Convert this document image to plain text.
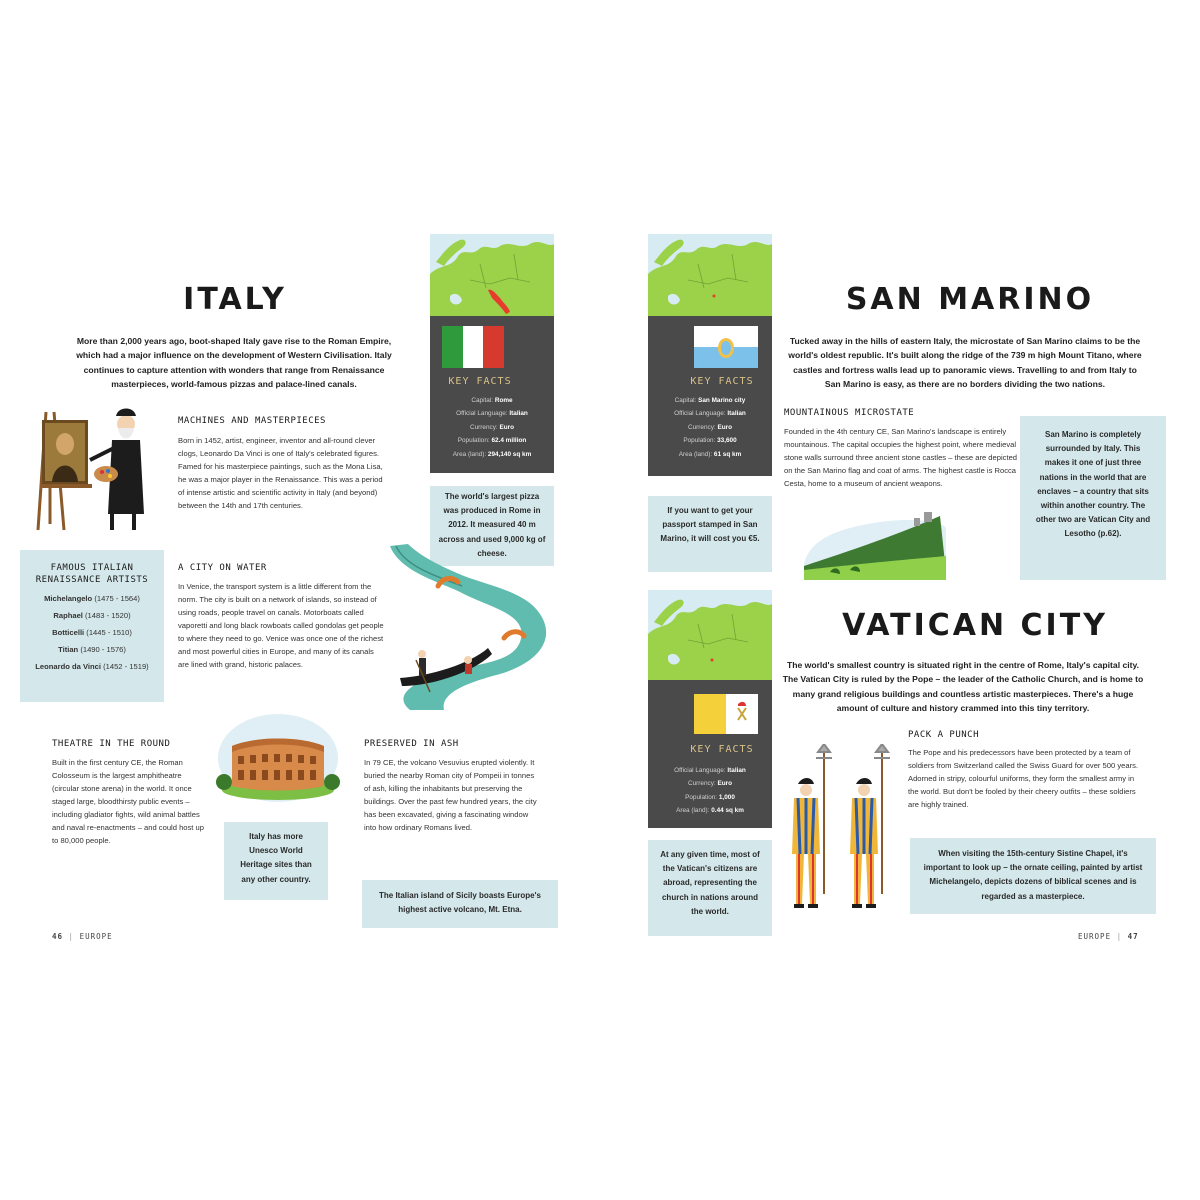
ITALY
More than 2,000 years ago, boot-shaped Italy gave rise to the Roman Empire, which had a major influence on the development of Western Civilisation. Italy continues to capture attention with wonders that range from Renaissance masterpieces, world-famous pizzas and palace-lined canals.	KEY FACTS
Capital: Rome
Official Language: Italian
Currency: Euro
Population: 62.4 million
Area (land): 294,140 sq km
The world's largest pizza was produced in Rome in 2012. It measured 40 m across and used 9,000 kg of cheese.
MACHINES AND MASTERPIECES
Born in 1452, artist, engineer, inventor and all-round clever clogs, Leonardo Da Vinci is one of Italy's celebrated figures. Famed for his masterpiece paintings, such as the Mona Lisa, he was a major player in the Renaissance. This was a period of intense artistic and scientific activity in Italy (and beyond) between the 14th and 17th centuries.
FAMOUS ITALIAN RENAISSANCE ARTISTS
Michelangelo (1475 - 1564)
Raphael (1483 - 1520)
Botticelli (1445 - 1510)
Titian (1490 - 1576)
Leonardo da Vinci (1452 - 1519)
A CITY ON WATER
In Venice, the transport system is a little different from the norm. The city is built on a network of islands, so instead of using roads, people travel on canals. Motorboats called vaporetti and long black rowboats called gondolas get people to where they need to go. Venice was once one of the richest and most powerful cities in Europe, and many of its canals are lined with grand, historic palaces.
THEATRE IN THE ROUND
Built in the first century CE, the Roman Colosseum is the largest amphitheatre (circular stone arena) in the world. It once staged large, bloodthirsty public events – including gladiator fights, wild animal battles and naval re-enactments – and could host up to 80,000 people.	Italy has more Unesco World Heritage sites than any other country.
PRESERVED IN ASH
In 79 CE, the volcano Vesuvius erupted violently. It buried the nearby Roman city of Pompeii in tonnes of ash, killing the inhabitants but preserving the buildings. Over the past few hundred years, the city has been excavated, giving a fascinating window into how ordinary Romans lived.
The Italian island of Sicily boasts Europe's highest active volcano, Mt. Etna.
46 | EUROPE
SAN MARINO
Tucked away in the hills of eastern Italy, the microstate of San Marino claims to be the world's oldest republic. It's built along the ridge of the 739 m high Mount Titano, where castles and fortress walls lead up to panoramic views. Travelling to and from Italy to San Marino is easy, as there are no borders dividing the two nations.
KEY FACTS
Capital: San Marino city
Official Language: Italian
Currency: Euro
Population: 33,600
Area (land): 61 sq km
If you want to get your passport stamped in San Marino, it will cost you €5.
MOUNTAINOUS MICROSTATE
Founded in the 4th century CE, San Marino's landscape is entirely mountainous. The capital occupies the highest point, where medieval stone walls surround three ancient stone castles – these are depicted on the San Marino flag and coat of arms. The highest castle is Rocca Cesta, home to a museum of ancient weapons.
San Marino is completely surrounded by Italy. This makes it one of just three nations in the world that are enclaves – a country that sits within another country. The other two are Vatican City and Lesotho (p.62).
VATICAN CITY
The world's smallest country is situated right in the centre of Rome, Italy's capital city. The Vatican City is ruled by the Pope – the leader of the Catholic Church, and is home to many grand religious buildings and countless artistic masterpieces. There's a huge amount of culture and history crammed into this tiny territory.
KEY FACTS
Official Language: Italian
Currency: Euro
Population: 1,000
Area (land): 0.44 sq km
At any given time, most of the Vatican's citizens are abroad, representing the church in nations around the world.
PACK A PUNCH
The Pope and his predecessors have been protected by a team of soldiers from Switzerland called the Swiss Guard for over 500 years. Adorned in stripy, colourful uniforms, they form the smallest army in the world. But don't be fooled by their cheery outfits – these soldiers are highly trained.
When visiting the 15th-century Sistine Chapel, it's important to look up – the ornate ceiling, painted by artist Michelangelo, depicts dozens of biblical scenes and is regarded as a masterpiece.
EUROPE | 47
